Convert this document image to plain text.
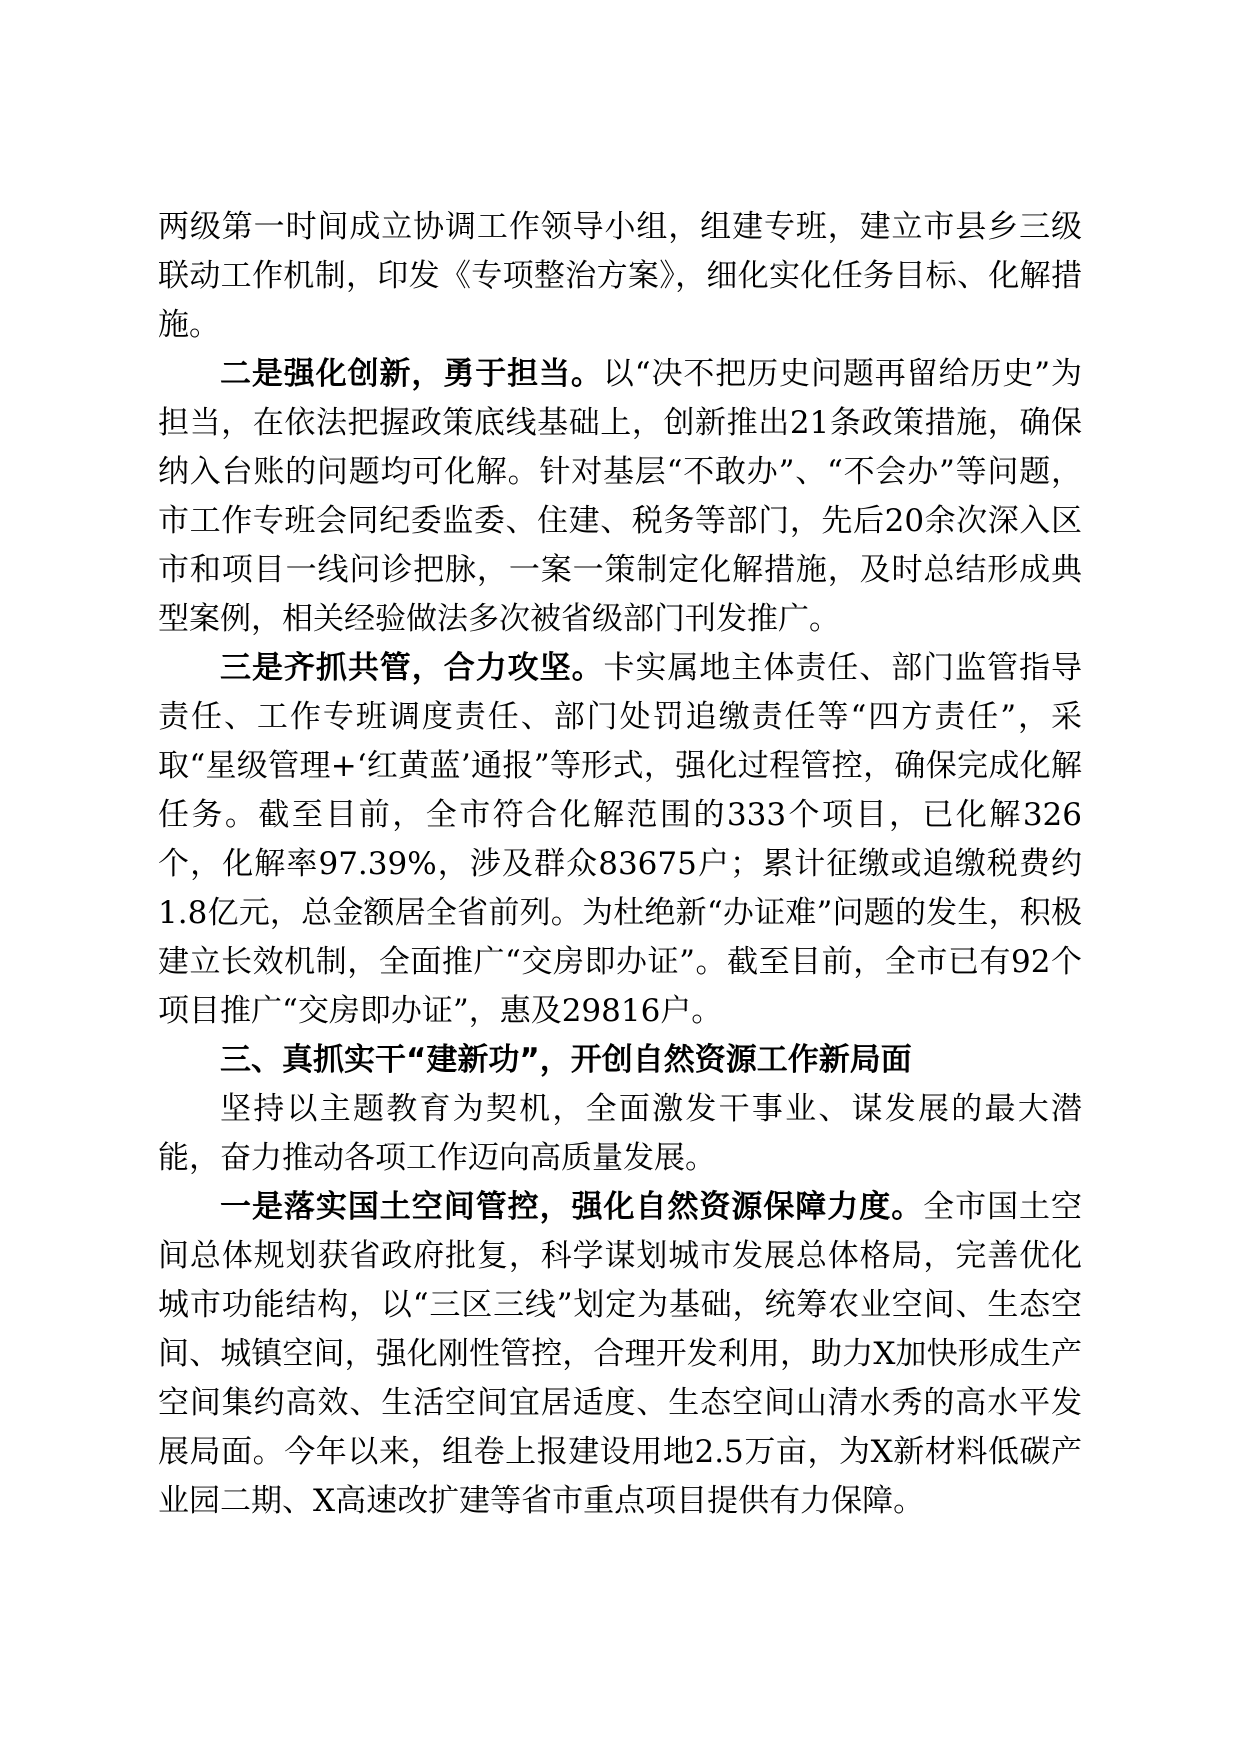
两级第一时间成立协调工作领导小组，组建专班，建立市县乡三级联动工作机制，印发《专项整治方案》，细化实化任务目标、化解措施。

二是强化创新，勇于担当。以“决不把历史问题再留给历史”为担当，在依法把握政策底线基础上，创新推出21条政策措施，确保纳入台账的问题均可化解。针对基层“不敢办”、“不会办”等问题，市工作专班会同纪委监委、住建、税务等部门，先后20余次深入区市和项目一线问诊把脉，一案一策制定化解措施，及时总结形成典型案例，相关经验做法多次被省级部门刊发推广。

三是齐抓共管，合力攻坚。卡实属地主体责任、部门监管指导责任、工作专班调度责任、部门处罚追缴责任等“四方责任”，采取“星级管理+‘红黄蓝’通报”等形式，强化过程管控，确保完成化解任务。截至目前，全市符合化解范围的333个项目，已化解326个，化解率97.39%，涉及群众83675户；累计征缴或追缴税费约1.8亿元，总金额居全省前列。为杜绝新“办证难”问题的发生，积极建立长效机制，全面推广“交房即办证”。截至目前，全市已有92个项目推广“交房即办证”，惠及29816户。

三、真抓实干“建新功”，开创自然资源工作新局面

坚持以主题教育为契机，全面激发干事业、谋发展的最大潜能，奋力推动各项工作迈向高质量发展。

一是落实国土空间管控，强化自然资源保障力度。全市国土空间总体规划获省政府批复，科学谋划城市发展总体格局，完善优化城市功能结构，以“三区三线”划定为基础，统筹农业空间、生态空间、城镇空间，强化刚性管控，合理开发利用，助力X加快形成生产空间集约高效、生活空间宜居适度、生态空间山清水秀的高水平发展局面。今年以来，组卷上报建设用地2.5万亩，为X新材料低碳产业园二期、X高速改扩建等省市重点项目提供有力保障。
